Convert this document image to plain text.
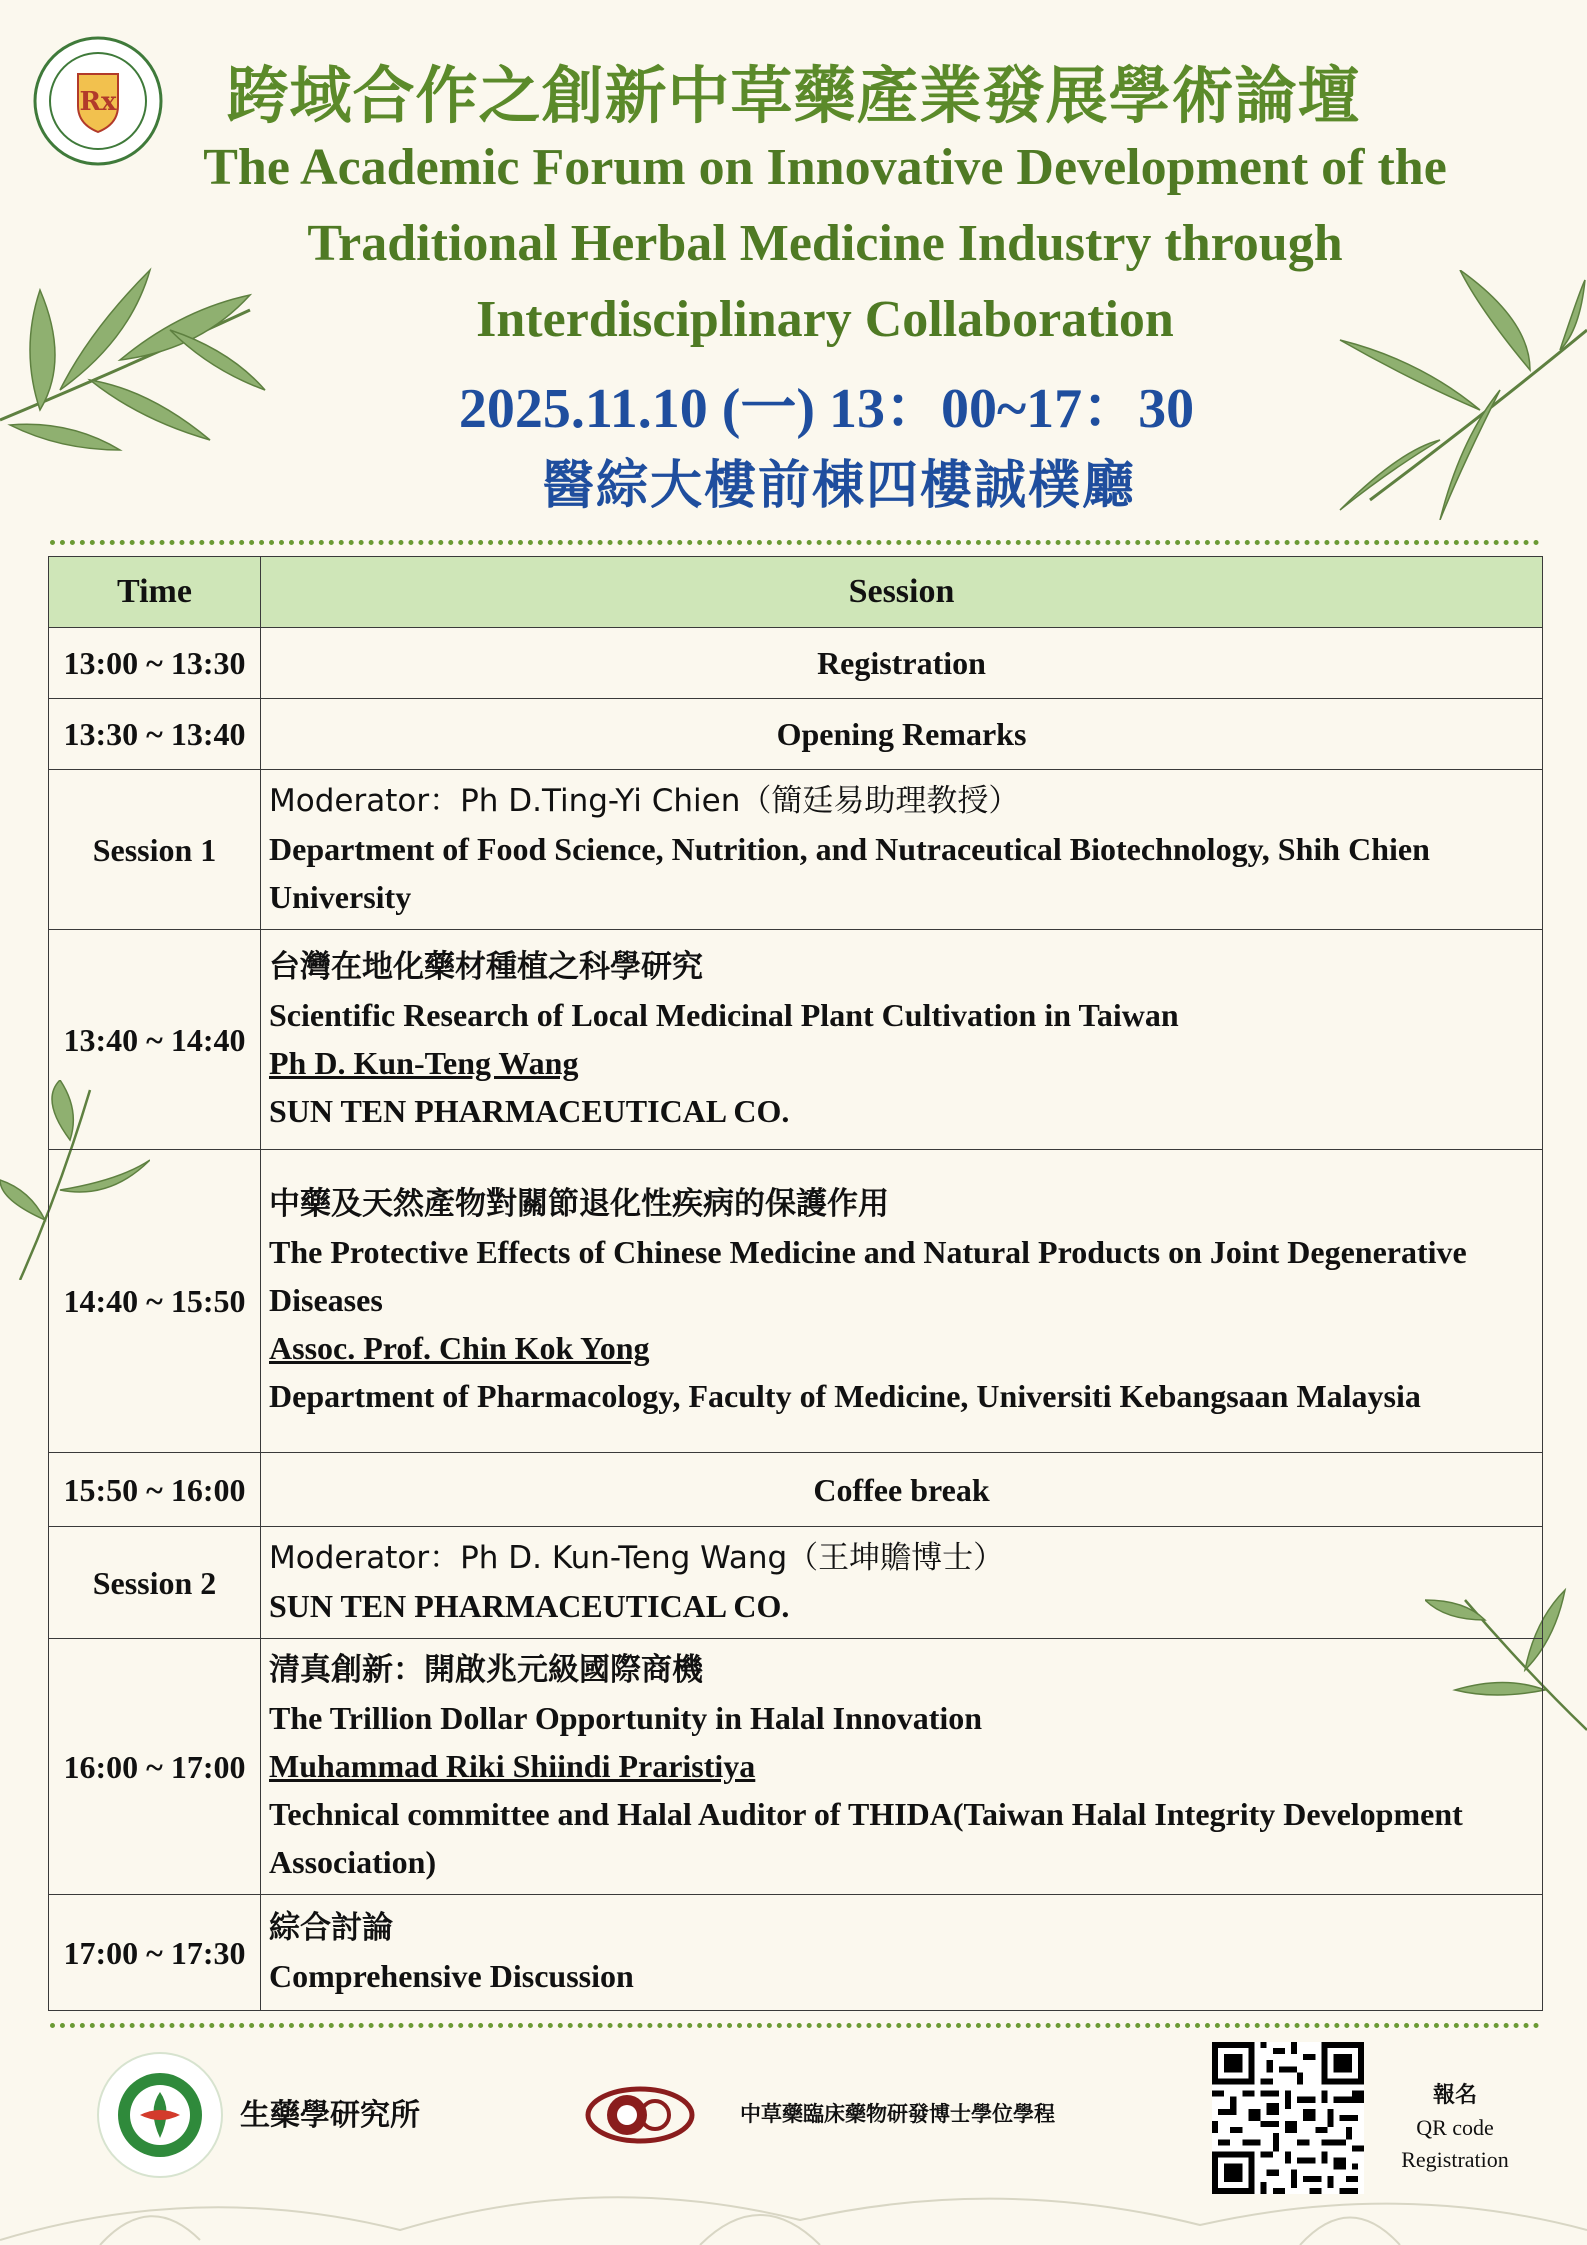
Rx	跨域合作之創新中草藥產業發展學術論壇
The Academic Forum on Innovative Development of the
Traditional Herbal Medicine Industry through
Interdisciplinary Collaboration
2025.11.10 (一) 13：00~17：30
醫綜大樓前棟四樓誠樸廳
Time	Session
13:00 ~ 13:30	Registration
13:30 ~ 13:40	Opening Remarks
Session 1	Moderator：Ph D.Ting-Yi Chien（簡廷易助理教授）
Department of Food Science, Nutrition, and Nutraceutical Biotechnology, Shih Chien University

13:40 ~ 14:40	台灣在地化藥材種植之科學研究
Scientific Research of Local Medicinal Plant Cultivation in Taiwan
Ph D. Kun-Teng Wang
SUN TEN PHARMACEUTICAL CO.

14:40 ~ 15:50	中藥及天然產物對關節退化性疾病的保護作用
The Protective Effects of Chinese Medicine and Natural Products on Joint Degenerative Diseases
Assoc. Prof. Chin Kok Yong
Department of Pharmacology, Faculty of Medicine, Universiti Kebangsaan Malaysia

15:50 ~ 16:00	Coffee break
Session 2	Moderator：Ph D. Kun-Teng Wang（王坤贍博士）
SUN TEN PHARMACEUTICAL CO.

16:00 ~ 17:00	清真創新：開啟兆元級國際商機
The Trillion Dollar Opportunity in Halal Innovation
Muhammad Riki Shiindi Praristiya
Technical committee and Halal Auditor of THIDA(Taiwan Halal Integrity Development Association)

17:00 ~ 17:30	綜合討論
Comprehensive Discussion
生藥學研究所	中草藥臨床藥物研發博士學位學程
報名
QR code
Registration
